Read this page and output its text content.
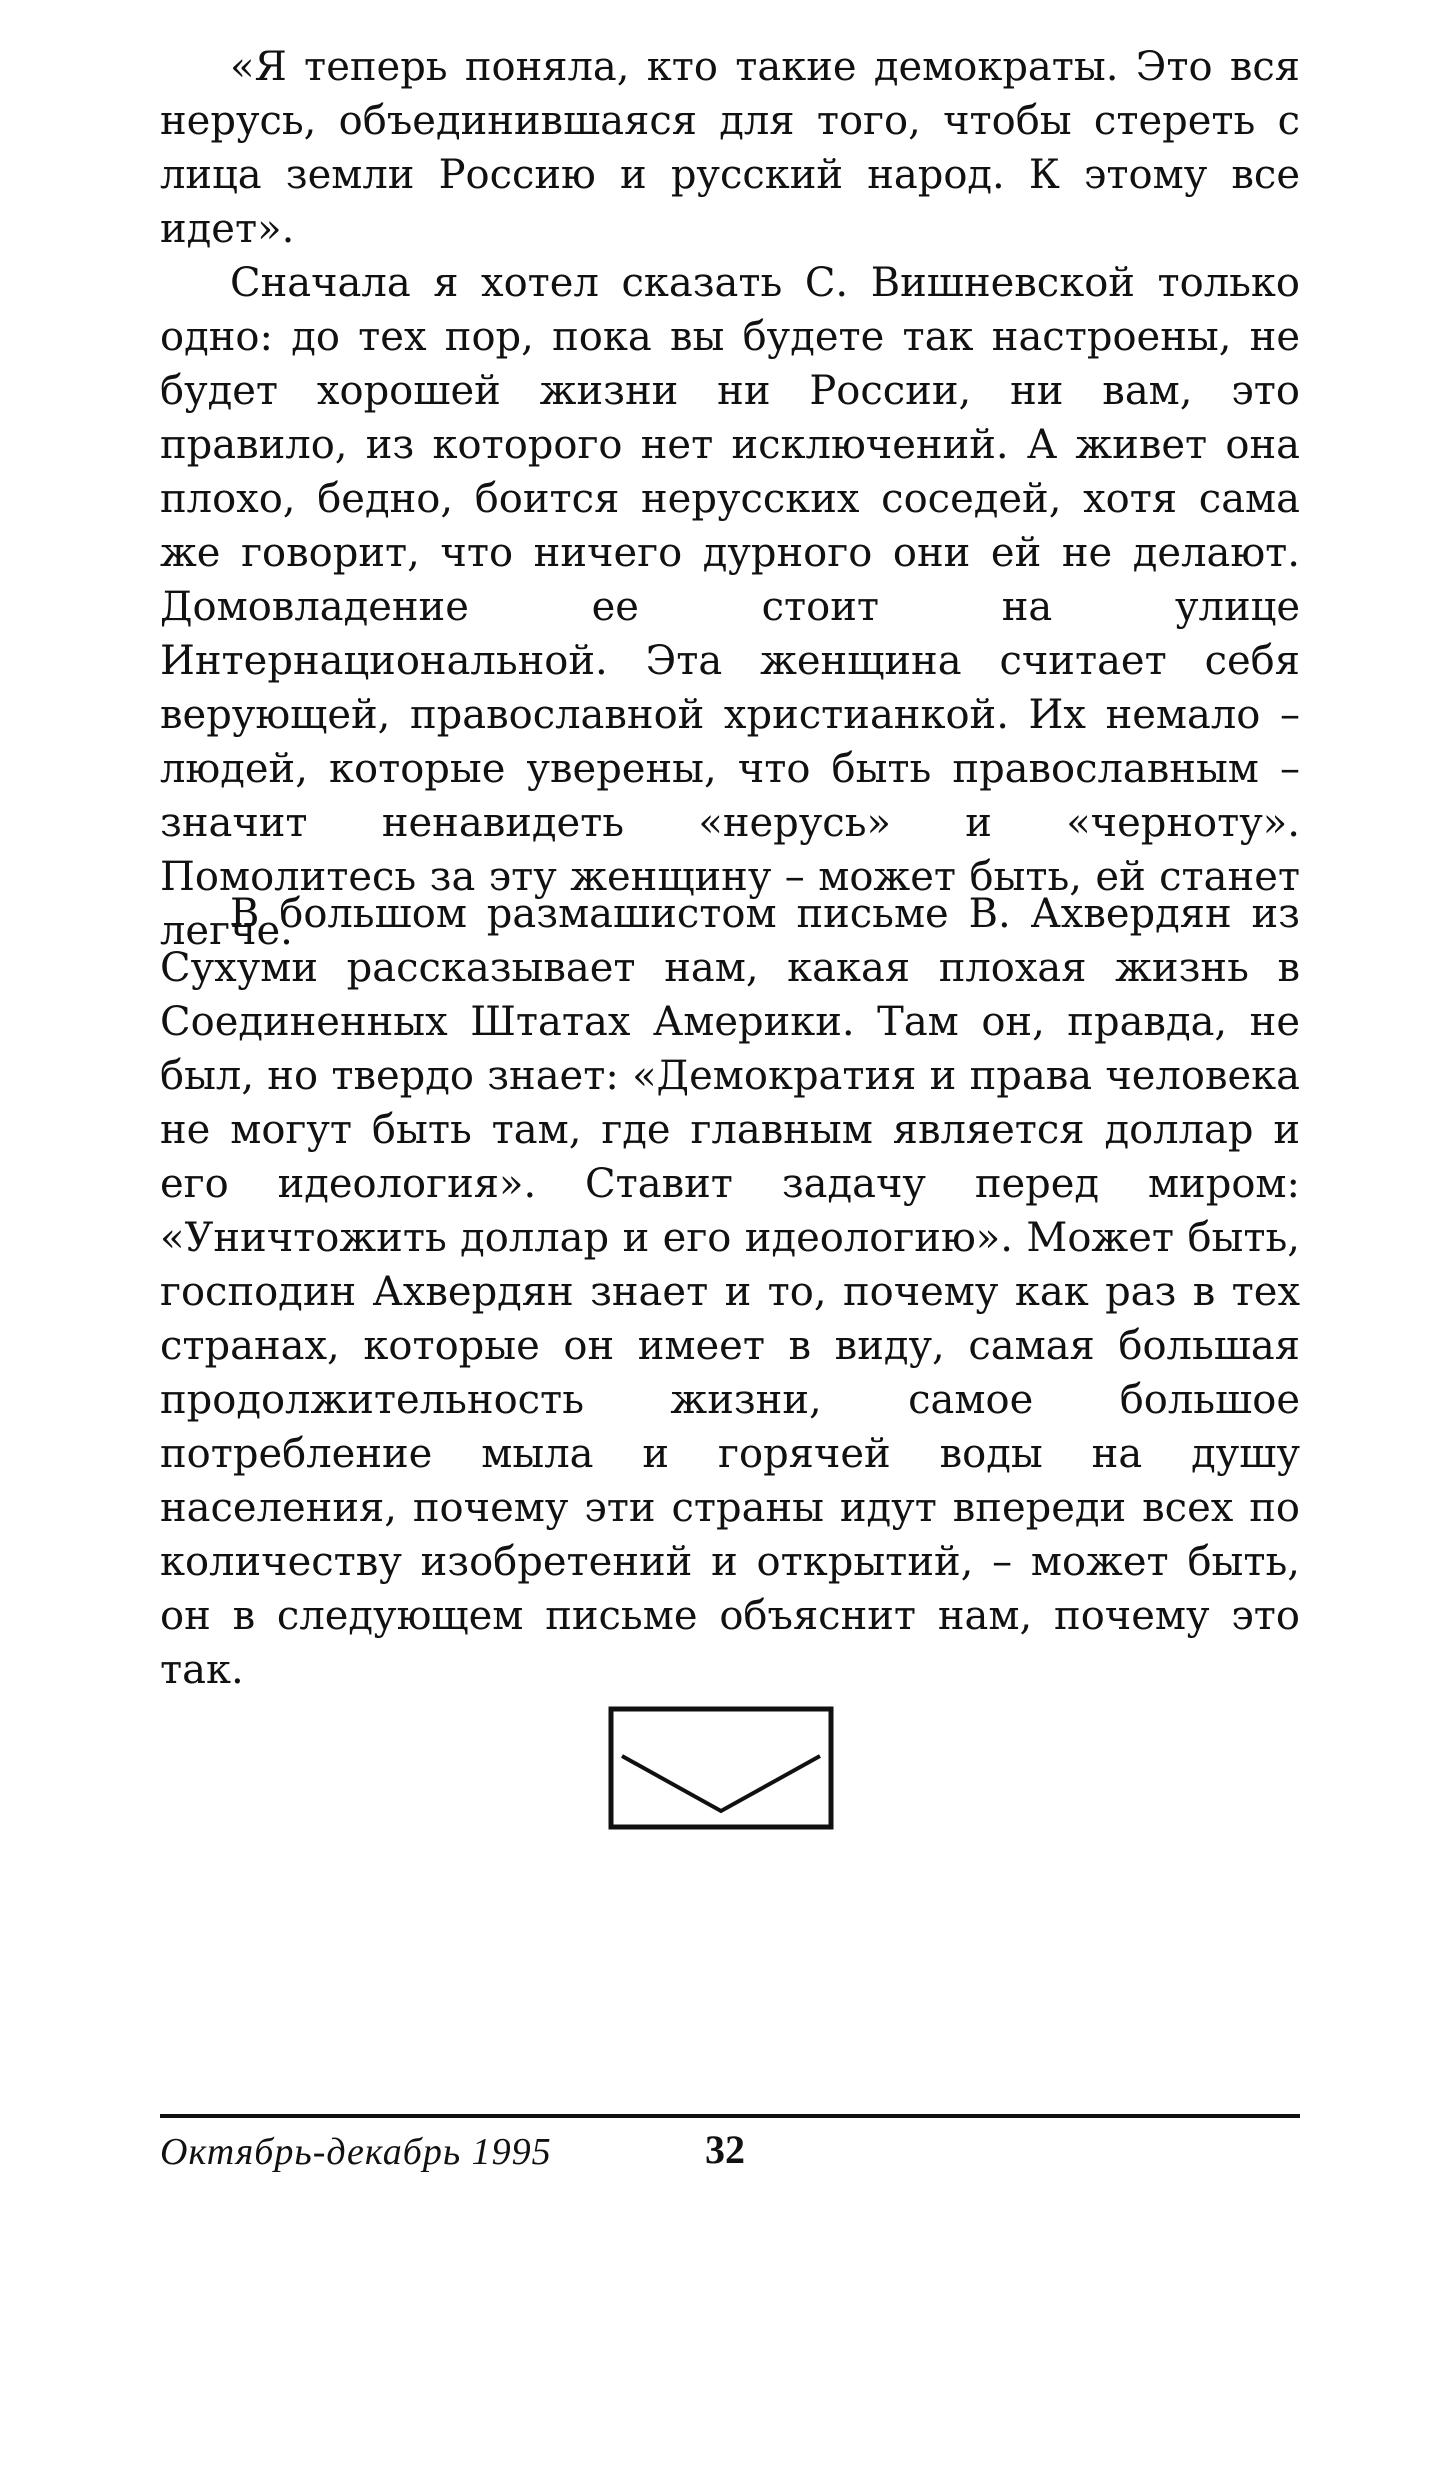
«Я теперь поняла, кто такие демократы. Это вся нерусь, объединившаяся для того, чтобы стереть с лица земли Россию и русский народ. К этому все идет».

Сначала я хотел сказать С. Вишневской только одно: до тех пор, пока вы будете так настроены, не будет хорошей жизни ни России, ни вам, это правило, из которого нет исключений. А живет она плохо, бедно, боится нерусских соседей, хотя сама же говорит, что ничего дурного они ей не делают. Домовладение ее стоит на улице Интернациональной. Эта женщина считает себя верующей, православной христианкой. Их немало – людей, которые уверены, что быть православным – значит ненавидеть «нерусь» и «черноту». Помолитесь за эту женщину – может быть, ей станет легче.

В большом размашистом письме В. Ахвердян из Сухуми рассказывает нам, какая плохая жизнь в Соединенных Штатах Америки. Там он, правда, не был, но твердо знает: «Демократия и права человека не могут быть там, где главным является доллар и его идеология». Ставит задачу перед миром: «Уничтожить доллар и его идеологию». Может быть, господин Ахвердян знает и то, почему как раз в тех странах, которые он имеет в виду, самая большая продолжительность жизни, самое большое потребление мыла и горячей воды на душу населения, почему эти страны идут впереди всех по количеству изобретений и открытий, – может быть, он в следующем письме объяснит нам, почему это так.

Октябрь-декабрь 1995	32
